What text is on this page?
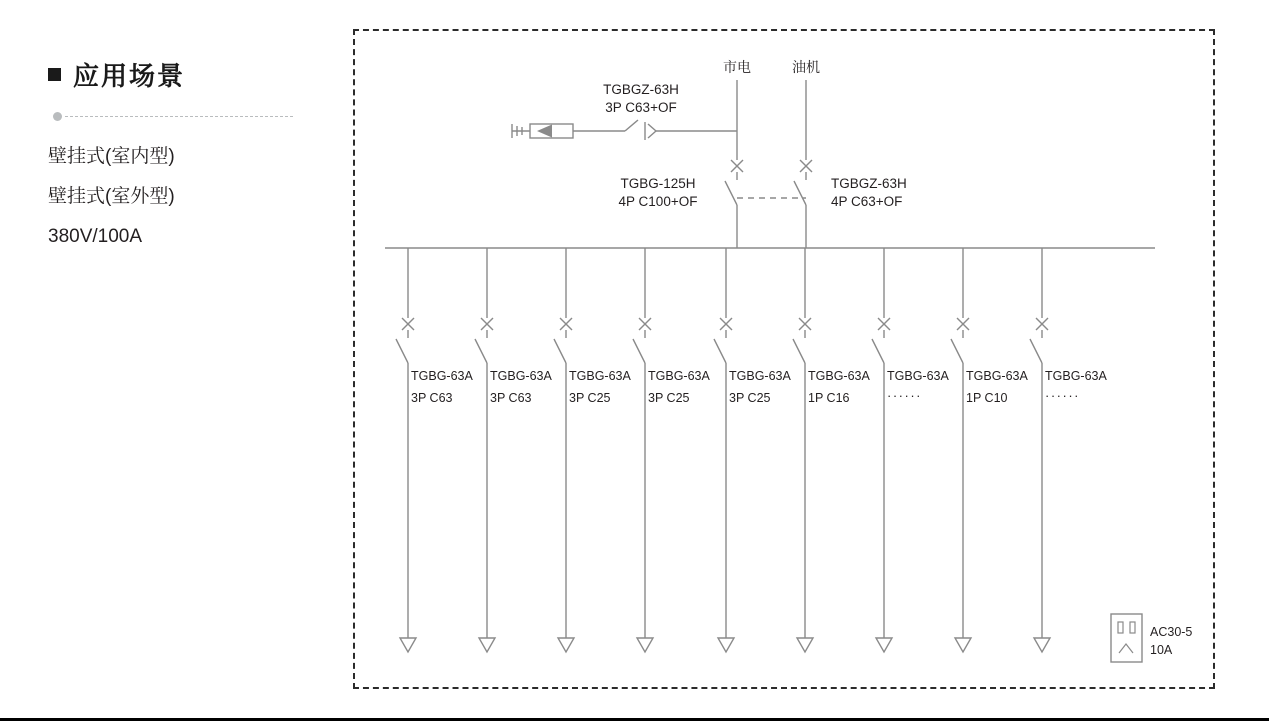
应用场景
壁挂式(室内型)
壁挂式(室外型)
380V/100A
市电	油机
TGBGZ-63H
3P C63+OF
TGBG-125H
4P C100+OF
TGBGZ-63H
4P C63+OF
TGBG-63A
3P C63
TGBG-63A
3P C63
TGBG-63A
3P C25
TGBG-63A
3P C25
TGBG-63A
3P C25
TGBG-63A
1P C16
TGBG-63A
······
TGBG-63A
1P C10
TGBG-63A
······
AC30-5
10A
